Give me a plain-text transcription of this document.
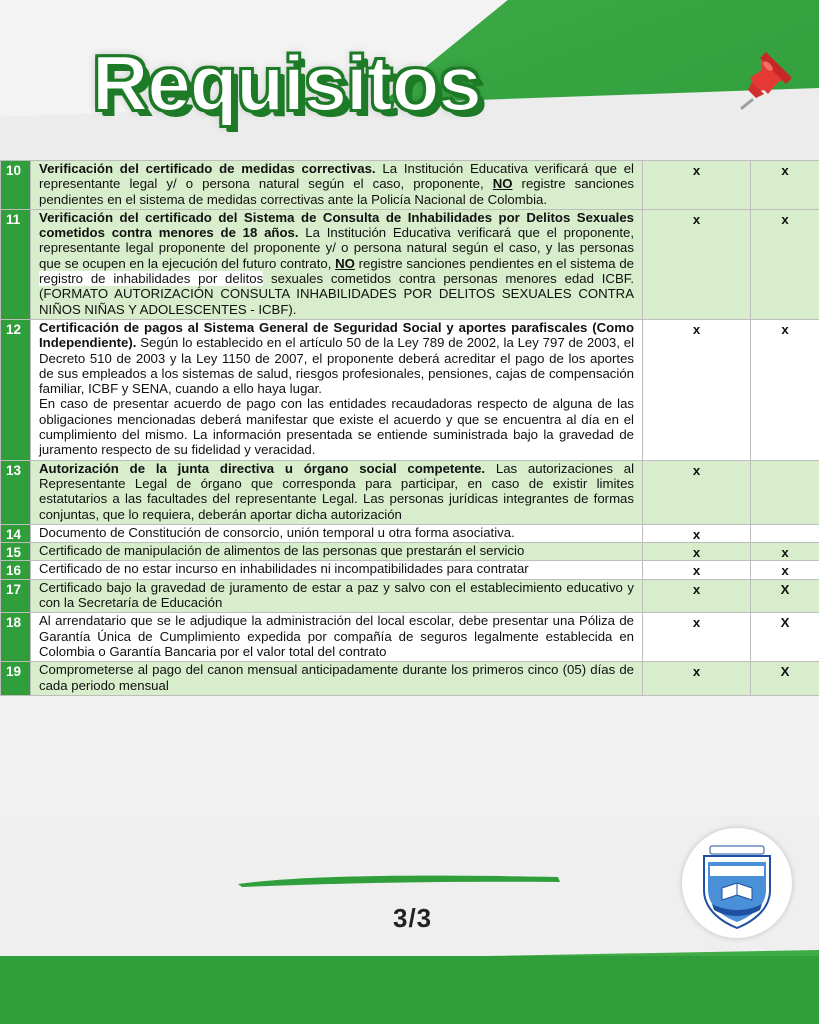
Requisitos
10	Verificación del certificado de medidas correctivas. La Institución Educativa verificará que el representante legal y/ o persona natural según el caso, proponente, NO registre sanciones pendientes en el sistema de medidas correctivas ante la Policía Nacional de Colombia.	x	x
11	Verificación del certificado del Sistema de Consulta de Inhabilidades por Delitos Sexuales cometidos contra menores de 18 años. La Institución Educativa verificará que el proponente, representante legal proponente del proponente y/ o persona natural según el caso, y las personas que se ocupen en la ejecución del futuro contrato, NO registre sanciones pendientes en el sistema de registro de inhabilidades por delitos sexuales cometidos contra personas menores edad ICBF. (FORMATO AUTORIZACIÓN CONSULTA INHABILIDADES POR DELITOS SEXUALES CONTRA NIÑOS NIÑAS Y ADOLESCENTES - ICBF).	x	x
12	Certificación de pagos al Sistema General de Seguridad Social y aportes parafiscales (Como Independiente). Según lo establecido en el artículo 50 de la Ley 789 de 2002, la Ley 797 de 2003, el Decreto 510 de 2003 y la Ley 1150 de 2007, el proponente deberá acreditar el pago de los aportes de sus empleados a los sistemas de salud, riesgos profesionales, pensiones, cajas de compensación familiar, ICBF y SENA, cuando a ello haya lugar.
En caso de presentar acuerdo de pago con las entidades recaudadoras respecto de alguna de las obligaciones mencionadas deberá manifestar que existe el acuerdo y que se encuentra al día en el cumplimiento del mismo. La información presentada se entiende suministrada bajo la gravedad de juramento respecto de su fidelidad y veracidad.	x	x
13	Autorización de la junta directiva u órgano social competente. Las autorizaciones al Representante Legal de órgano que corresponda para participar, en caso de existir limites estatutarios a las facultades del representante Legal. Las personas jurídicas integrantes de formas conjuntas, que lo requiera, deberán aportar dicha autorización	x	
14	Documento de Constitución de consorcio, unión temporal u otra forma asociativa.	x	
15	Certificado de manipulación de alimentos de las personas que prestarán el servicio	x	x
16	Certificado de no estar incurso en inhabilidades ni incompatibilidades para contratar	x	x
17	Certificado bajo la gravedad de juramento de estar a paz y salvo con el establecimiento educativo y con la Secretaría de Educación	x	X
18	Al arrendatario que se le adjudique la administración del local escolar, debe presentar una Póliza de Garantía Única de Cumplimiento expedida por compañía de seguros legalmente establecida en Colombia o Garantía Bancaria por el valor total del contrato	x	X
19	Comprometerse al pago del canon mensual anticipadamente durante los primeros cinco (05) días de cada periodo mensual	x	X
3/3
